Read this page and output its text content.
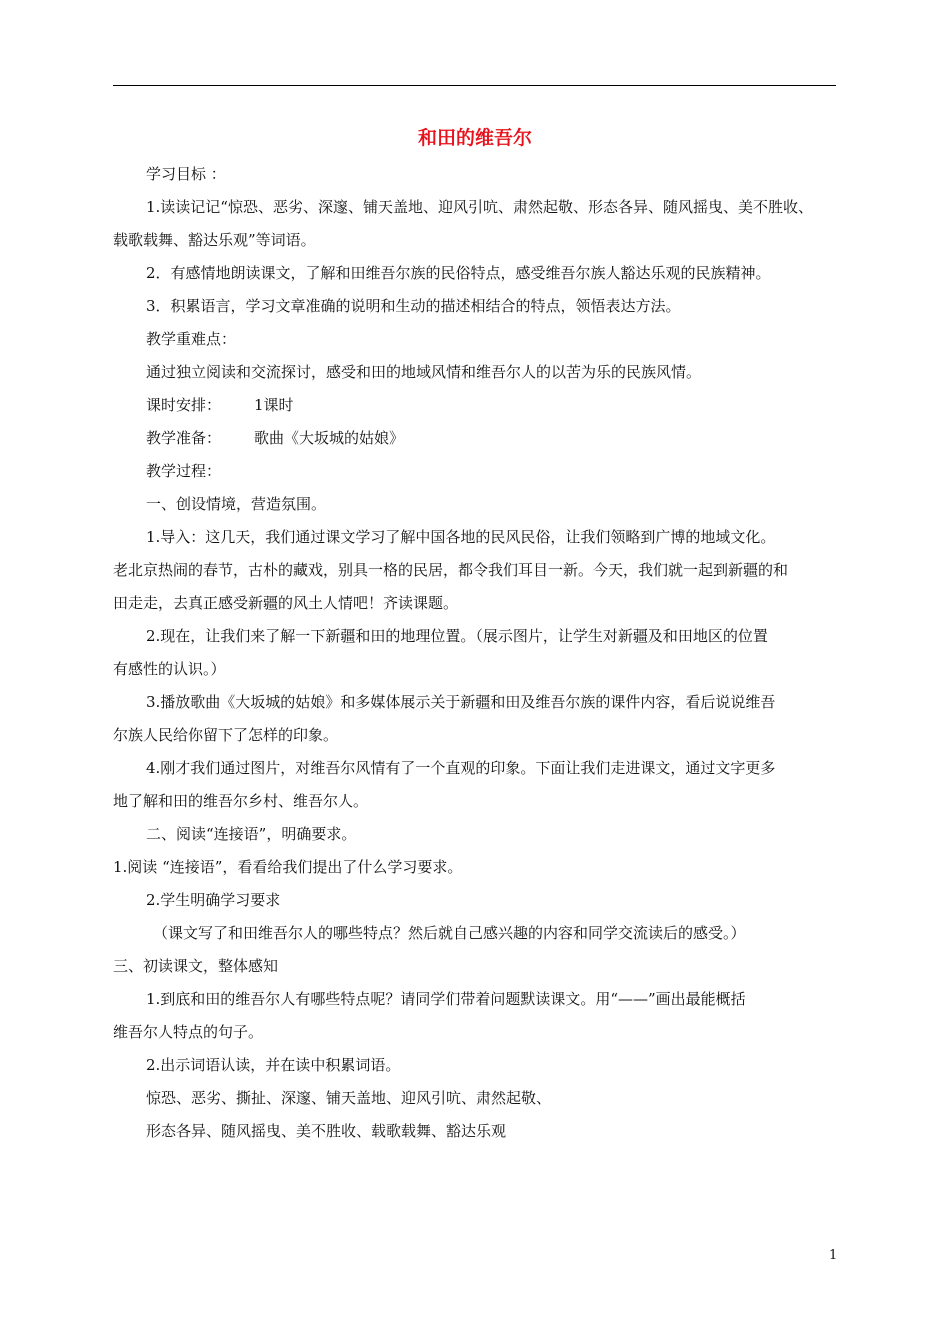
和田的维吾尔
学习目标 ：
1.读读记记“惊恐、恶劣、深邃、铺天盖地、迎风引吭、肃然起敬、形态各异、随风摇曳、美不胜收、
载歌载舞、豁达乐观”等词语。
2．有感情地朗读课文，了解和田维吾尔族的民俗特点，感受维吾尔族人豁达乐观的民族精神。
3．积累语言，学习文章准确的说明和生动的描述相结合的特点，领悟表达方法。
教学重难点：
通过独立阅读和交流探讨，感受和田的地域风情和维吾尔人的以苦为乐的民族风情。
课时安排： 1课时
教学准备： 歌曲《大坂城的姑娘》
教学过程：
一、创设情境，营造氛围。
1.导入：这几天，我们通过课文学习了解中国各地的民风民俗，让我们领略到广博的地域文化。
老北京热闹的春节，古朴的藏戏，别具一格的民居，都令我们耳目一新。今天，我们就一起到新疆的和
田走走，去真正感受新疆的风土人情吧！齐读课题。
2.现在，让我们来了解一下新疆和田的地理位置。（展示图片，让学生对新疆及和田地区的位置
有感性的认识。）
3.播放歌曲《大坂城的姑娘》和多媒体展示关于新疆和田及维吾尔族的课件内容，看后说说维吾
尔族人民给你留下了怎样的印象。
4.刚才我们通过图片，对维吾尔风情有了一个直观的印象。下面让我们走进课文，通过文字更多
地了解和田的维吾尔乡村、维吾尔人。
二、阅读“连接语”，明确要求。
1.阅读 “连接语”，看看给我们提出了什么学习要求。
2.学生明确学习要求
（课文写了和田维吾尔人的哪些特点？然后就自己感兴趣的内容和同学交流读后的感受。）
三、初读课文，整体感知
1.到底和田的维吾尔人有哪些特点呢？请同学们带着问题默读课文。用“——”画出最能概括
维吾尔人特点的句子。
2.出示词语认读，并在读中积累词语。
惊恐、恶劣、撕扯、深邃、铺天盖地、迎风引吭、肃然起敬、
形态各异、随风摇曳、美不胜收、载歌载舞、豁达乐观
1
